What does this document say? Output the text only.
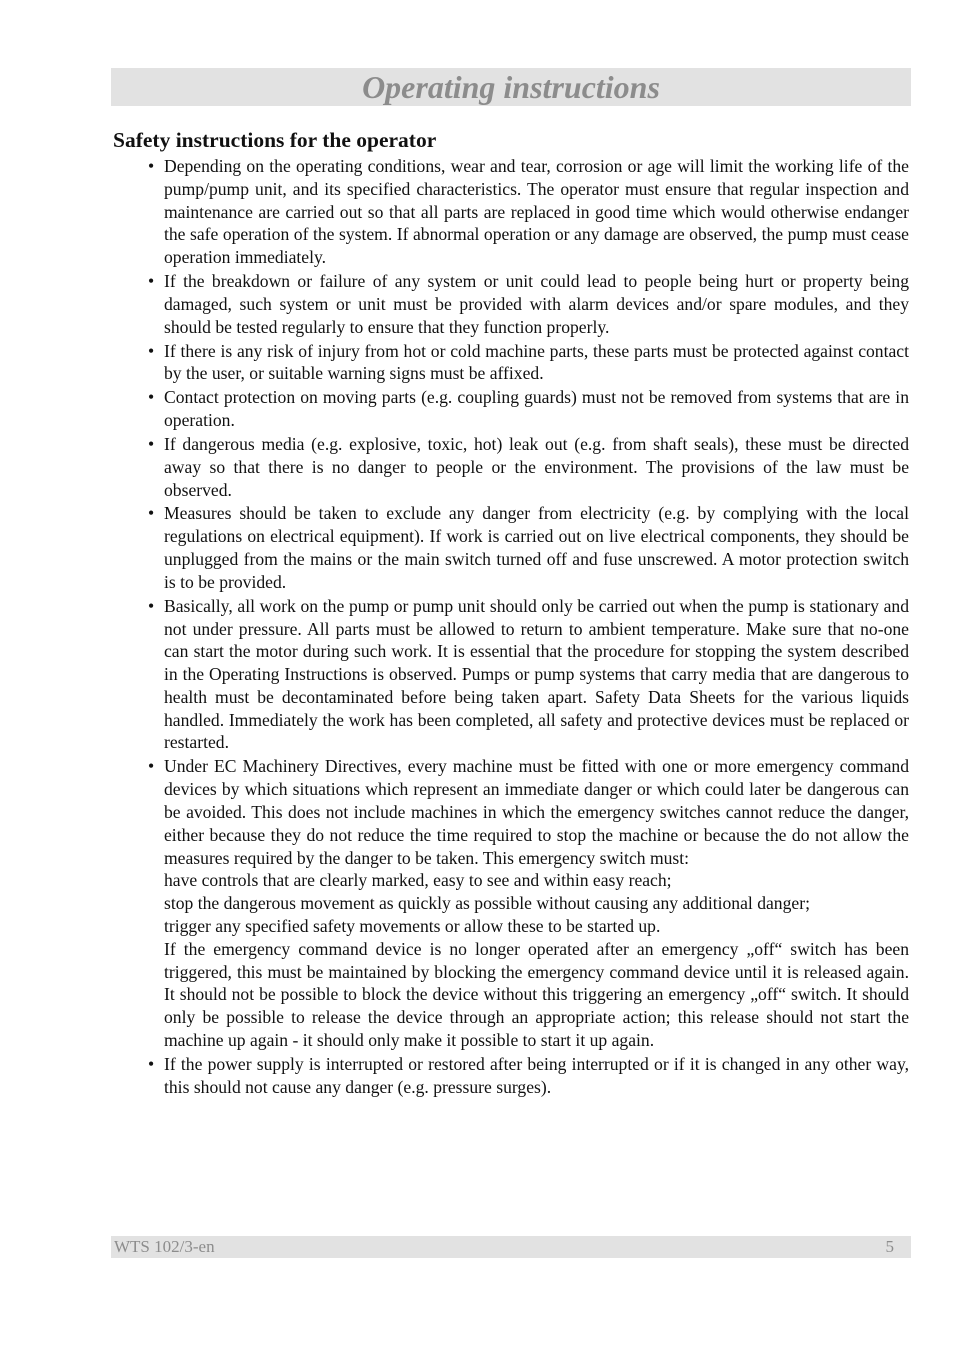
Operating instructions
Safety instructions for the operator
• Depending on the operating conditions, wear and tear, corrosion or age will limit the working life of the pump/pump unit, and its specified characteristics. The operator must ensure that regular inspection and maintenance are carried out so that all parts are replaced in good time which would otherwise endanger the safe operation of the system. If abnormal operation or any damage are observed, the pump must cease operation immediately.
• If the breakdown or failure of any system or unit could lead to people being hurt or property being damaged, such system or unit must be provided with alarm devices and/or spare modules, and they should be tested regularly to ensure that they function properly.
• If there is any risk of injury from hot or cold machine parts, these parts must be protected against contact by the user, or suitable warning signs must be affixed.
• Contact protection on moving parts (e.g. coupling guards) must not be removed from systems that are in operation.
• If dangerous media (e.g. explosive, toxic, hot) leak out (e.g. from shaft seals), these must be directed away so that there is no danger to people or the environment. The provisions of the law must be observed.
• Measures should be taken to exclude any danger from electricity (e.g. by complying with the local regulations on electrical equipment). If work is carried out on live electrical components, they should be unplugged from the mains or the main switch turned off and fuse unscrewed. A motor protection switch is to be provided.
• Basically, all work on the pump or pump unit should only be carried out when the pump is stationary and not under pressure. All parts must be allowed to return to ambient temperature. Make sure that no-one can start the motor during such work. It is essential that the procedure for stopping the system described in the Operating Instructions is observed. Pumps or pump systems that carry media that are dangerous to health must be decontaminated before being taken apart. Safety Data Sheets for the various liquids handled. Immediately the work has been completed, all safety and protective devices must be replaced or restarted.

• Under EC Machinery Directives, every machine must be fitted with one or more emergency command devices by which situations which represent an immediate danger or which could later be dangerous can be avoided. This does not include machines in which the emergency switches cannot reduce the danger, either because they do not reduce the time required to stop the machine or because the do not allow the measures required by the danger to be taken. This emergency switch must:

have controls that are clearly marked, easy to see and within easy reach;

stop the dangerous movement as quickly as possible without causing any additional danger;

trigger any specified safety movements or allow these to be started up.

If the emergency command device is no longer operated after an emergency „off“ switch has been triggered, this must be maintained by blocking the emergency command device until it is released again. It should not be possible to block the device without this triggering an emergency „off“ switch. It should only be possible to release the device through an appropriate action; this release should not start the machine up again - it should only make it possible to start it up again.

• If the power supply is interrupted or restored after being interrupted or if it is changed in any other way, this should not cause any danger (e.g. pressure surges).
WTS 102/3-en	5
